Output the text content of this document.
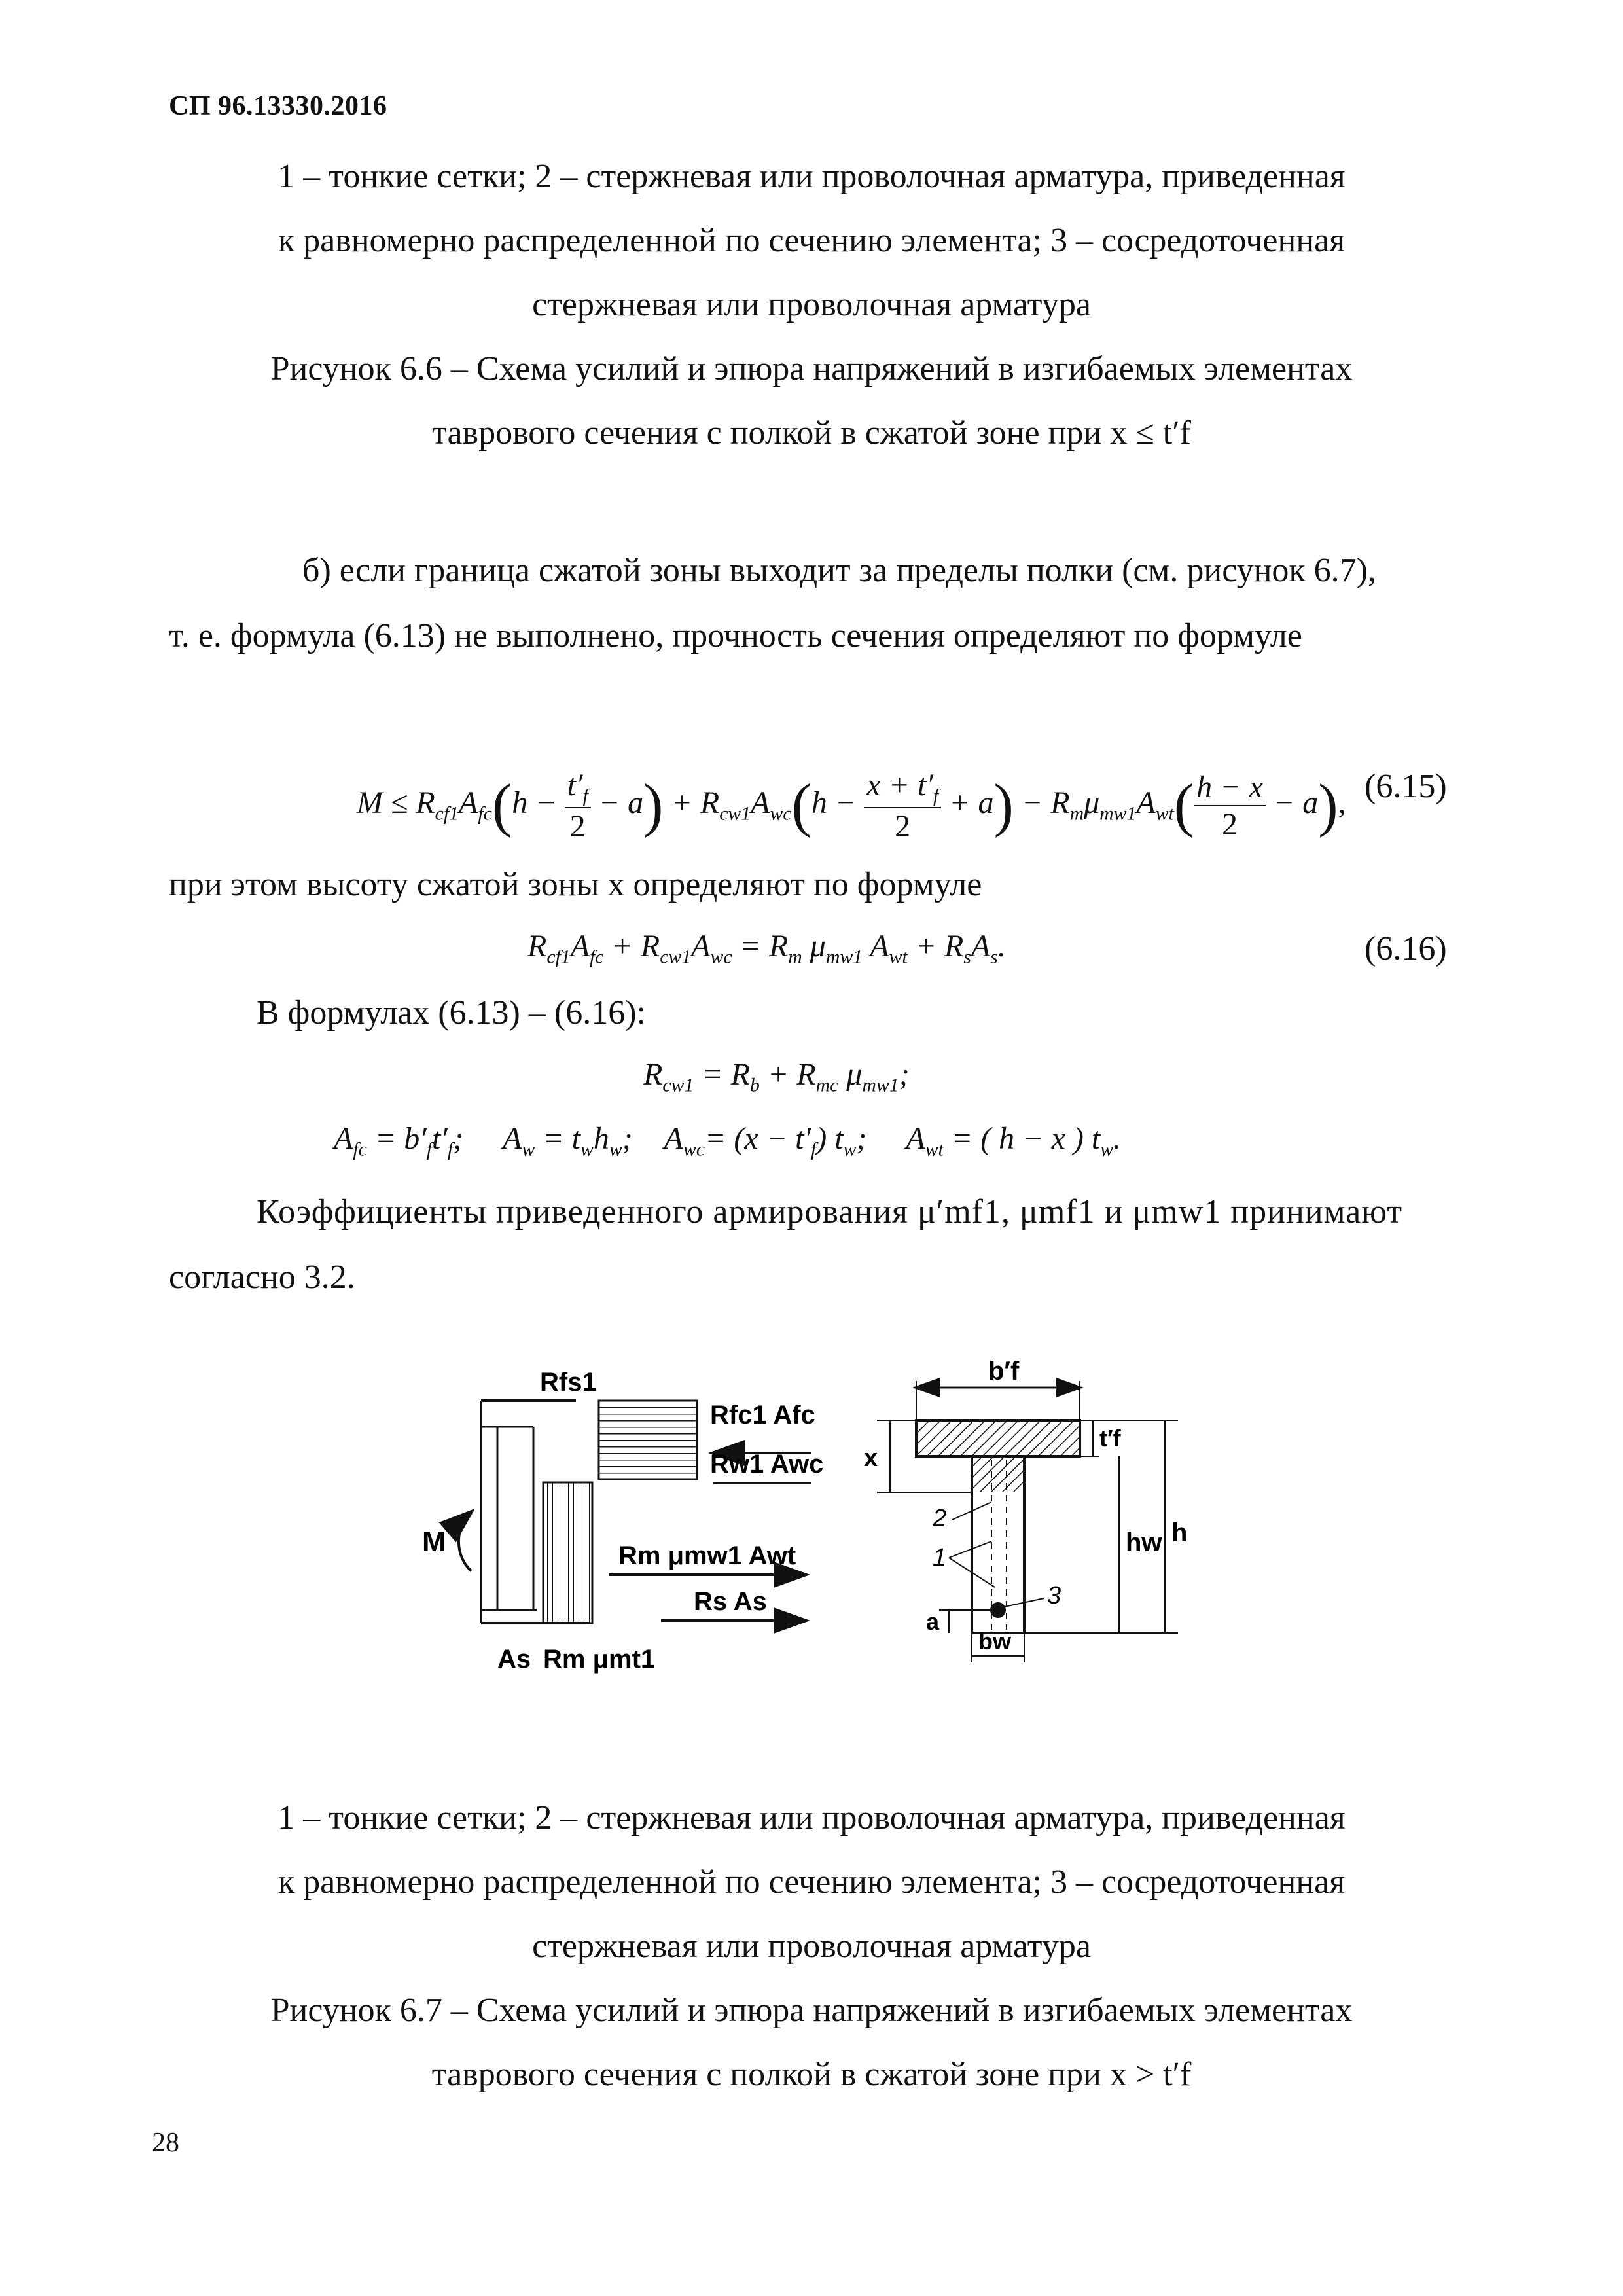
СП 96.13330.2016
1 – тонкие сетки; 2 – стержневая или проволочная арматура, приведенная
к равномерно распределенной по сечению элемента; 3 – сосредоточенная
стержневая или проволочная арматура
Рисунок 6.6 – Схема усилий и эпюра напряжений в изгибаемых элементах
таврового сечения с полкой в сжатой зоне при x ≤ t′f
б) если граница сжатой зоны выходит за пределы полки (см. рисунок 6.7),
т. е. формула (6.13) не выполнено, прочность сечения определяют по формуле
$M \le R_{cf1}A_{fc}(h - \frac{t'_f}{2} - a) + R_{cw1}A_{wc}(h - \frac{x + t'_f}{2} + a) - R_m\mu_{mw1}A_{wt}( \frac{h - x}{2} - a)$, (6.15)
при этом высоту сжатой зоны x определяют по формуле
$R_{cf1}A_{fc} + R_{cw1}A_{wc} = R_m$ $\mu_{mw1}$ $A_{wt} + R_sA_s$.	(6.16)
В формулах (6.13) – (6.16):
$R_{cw1} = R_b + R_{mc}$ $\mu_{mw1}$;
$A_{fc} = b'_ft'_f$;     $A_w = t_wh_w$;    $A_{wc}= (x - t'_f)$ $t_w$;     $A_{wt}$ = ( h − x ) $t_w$.
Коэффициенты приведенного армирования μ′mf1, μmf1 и μmw1 принимают
согласно 3.2.
Rfs1
Rfc1 Afc
Rw1 Awc
M	Rm μmw1 Awt
Rs As
As Rm μmt1
b′f
x
t′f
hw h
bw
a
2
1
3
1 – тонкие сетки; 2 – стержневая или проволочная арматура, приведенная
к равномерно распределенной по сечению элемента; 3 – сосредоточенная
стержневая или проволочная арматура
Рисунок 6.7 – Схема усилий и эпюра напряжений в изгибаемых элементах
таврового сечения с полкой в сжатой зоне при x > t′f
28
